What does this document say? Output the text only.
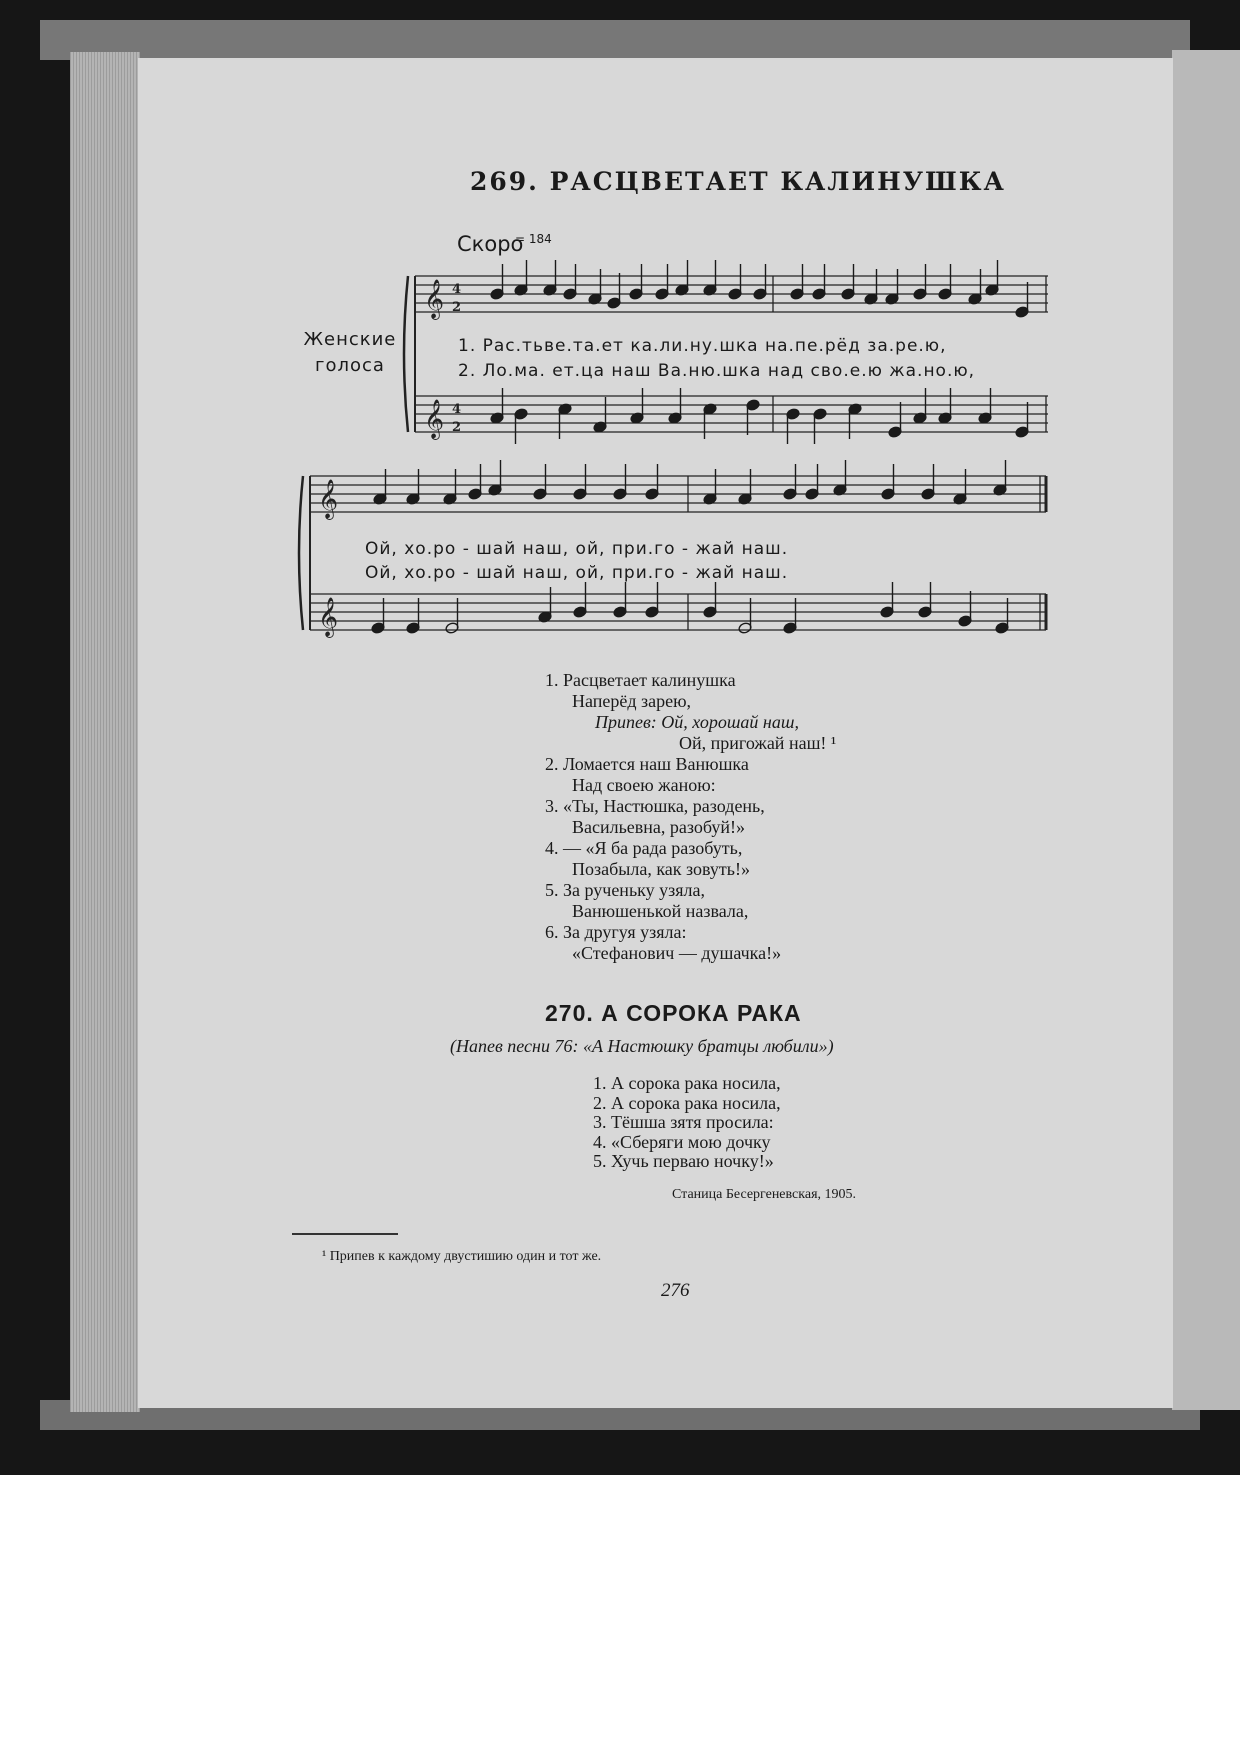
269. РАСЦВЕТАЕТ КАЛИНУШКА
Скоро
= 184
Женские голоса
𝄞
𝄞
𝄞
𝄞
4
2
4
2
1. Рас.тьве.та.ет ка.ли.ну.шка на.пе.рёд за.ре.ю,
2. Ло.ма. ет.ца наш Ва.ню.шка над сво.е.ю жа.но.ю,
Ой, хо.ро - шай наш, ой, при.го - жай наш.
Ой, хо.ро - шай наш, ой, при.го - жай наш.
1. Расцветает калинушка
Наперёд зарею,
Припев: Ой, хорошай наш,
Ой, пригожай наш! ¹
2. Ломается наш Ванюшка
Над своею жаною:
3. «Ты, Настюшка, разодень,
Васильевна, разобуй!»
4. — «Я ба рада разобуть,
Позабыла, как зовуть!»
5. За рученьку узяла,
Ванюшенькой назвала,
6. За другуя узяла:
«Стефанович — душачка!»
270. А СОРОКА РАКА
(Напев песни 76: «А Настюшку братцы любили»)
1. А сорока рака носила,
2. А сорока рака носила,
3. Тёшша зятя просила:
4. «Сберяги мою дочку
5. Хучь перваю ночку!»
Станица Бесергеневская, 1905.
¹ Припев к каждому двустишию один и тот же.
276
